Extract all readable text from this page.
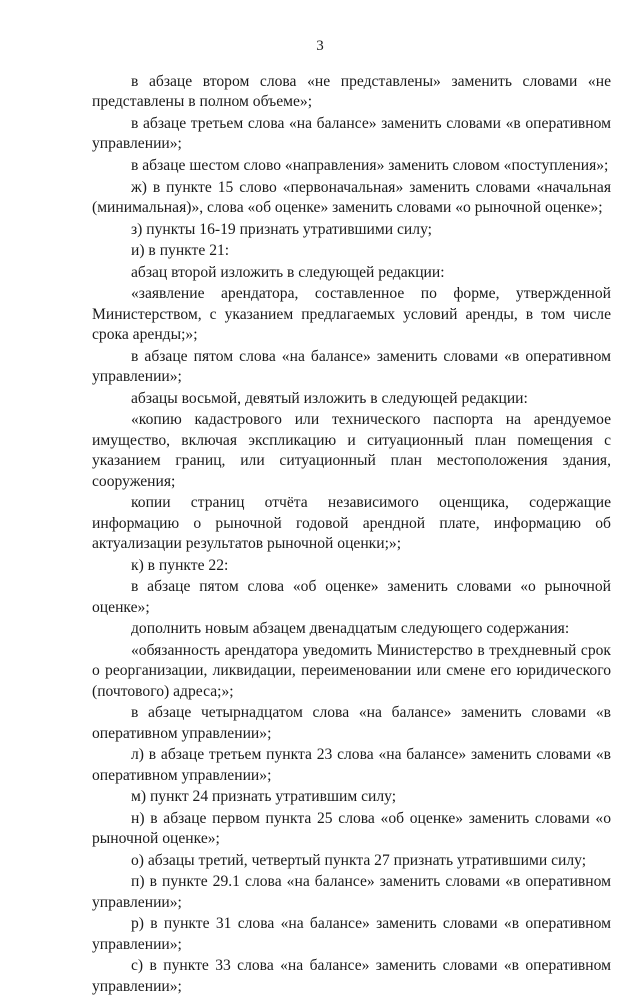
3

в абзаце втором слова «не представлены» заменить словами «не представлены в полном объеме»;

в абзаце третьем слова «на балансе» заменить словами «в оперативном управлении»;

в абзаце шестом слово «направления» заменить словом «поступления»;

ж) в пункте 15 слово «первоначальная» заменить словами «начальная (минимальная)», слова «об оценке» заменить словами «о рыночной оценке»;

з) пункты 16-19 признать утратившими силу;

и) в пункте 21:

абзац второй изложить в следующей редакции:

«заявление арендатора, составленное по форме, утвержденной Министерством, с указанием предлагаемых условий аренды, в том числе срока аренды;»;

в абзаце пятом слова «на балансе» заменить словами «в оперативном управлении»;

абзацы восьмой, девятый изложить в следующей редакции:

«копию кадастрового или технического паспорта на арендуемое имущество, включая экспликацию и ситуационный план помещения с указанием границ, или ситуационный план местоположения здания, сооружения;

копии страниц отчёта независимого оценщика, содержащие информацию о рыночной годовой арендной плате, информацию об актуализации результатов рыночной оценки;»;

к) в пункте 22:

в абзаце пятом слова «об оценке» заменить словами «о рыночной оценке»;

дополнить новым абзацем двенадцатым следующего содержания:

«обязанность арендатора уведомить Министерство в трехдневный срок о реорганизации, ликвидации, переименовании или смене его юридического (почтового) адреса;»;

в абзаце четырнадцатом слова «на балансе» заменить словами «в оперативном управлении»;

л) в абзаце третьем пункта 23 слова «на балансе» заменить словами «в оперативном управлении»;

м) пункт 24 признать утратившим силу;

н) в абзаце первом пункта 25 слова «об оценке» заменить словами «о рыночной оценке»;

о) абзацы третий, четвертый пункта 27 признать утратившими силу;

п) в пункте 29.1 слова «на балансе» заменить словами «в оперативном управлении»;

р) в пункте 31 слова «на балансе» заменить словами «в оперативном управлении»;

с) в пункте 33 слова «на балансе» заменить словами «в оперативном управлении»;
